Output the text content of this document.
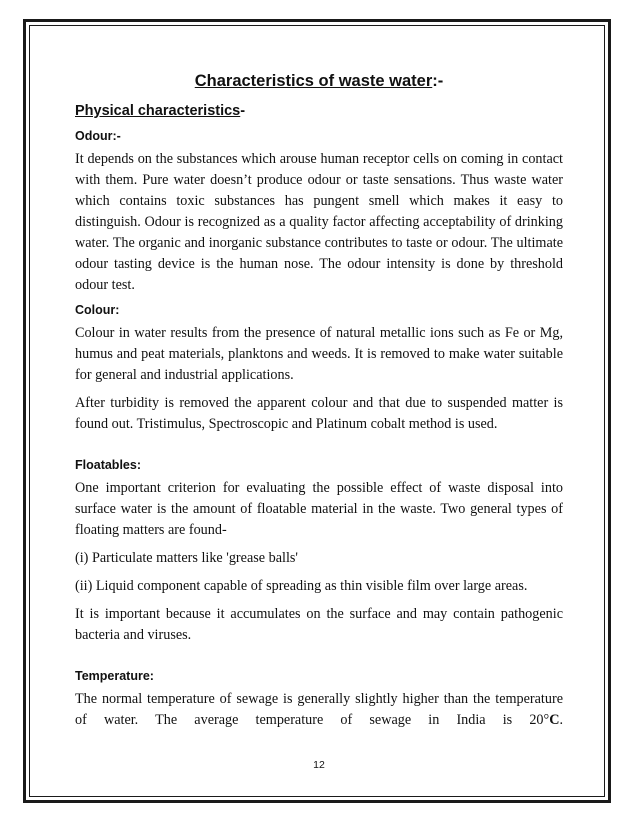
Characteristics of waste water:-
Physical characteristics-
Odour:-

It depends on the substances which arouse human receptor cells on coming in contact with them. Pure water doesn’t produce odour or taste sensations. Thus waste water which contains toxic substances has pungent smell which makes it easy to distinguish. Odour is recognized as a quality factor affecting acceptability of drinking water. The organic and inorganic substance contributes to taste or odour. The ultimate odour tasting device is the human nose. The odour intensity is done by threshold odour test.

Colour:

Colour in water results from the presence of natural metallic ions such as Fe or Mg, humus and peat materials, planktons and weeds. It is removed to make water suitable for general and industrial applications.

After turbidity is removed the apparent colour and that due to suspended matter is found out. Tristimulus, Spectroscopic and Platinum cobalt method is used.

Floatables:

One important criterion for evaluating the possible effect of waste disposal into surface water is the amount of floatable material in the waste. Two general types of floating matters are found-

(i) Particulate matters like 'grease balls'

(ii) Liquid component capable of spreading as thin visible film over large areas.

It is important because it accumulates on the surface and may contain pathogenic bacteria and viruses.

Temperature:

The normal temperature of sewage is generally slightly higher than the temperature of water. The average temperature of sewage in India is 20°C.

12
